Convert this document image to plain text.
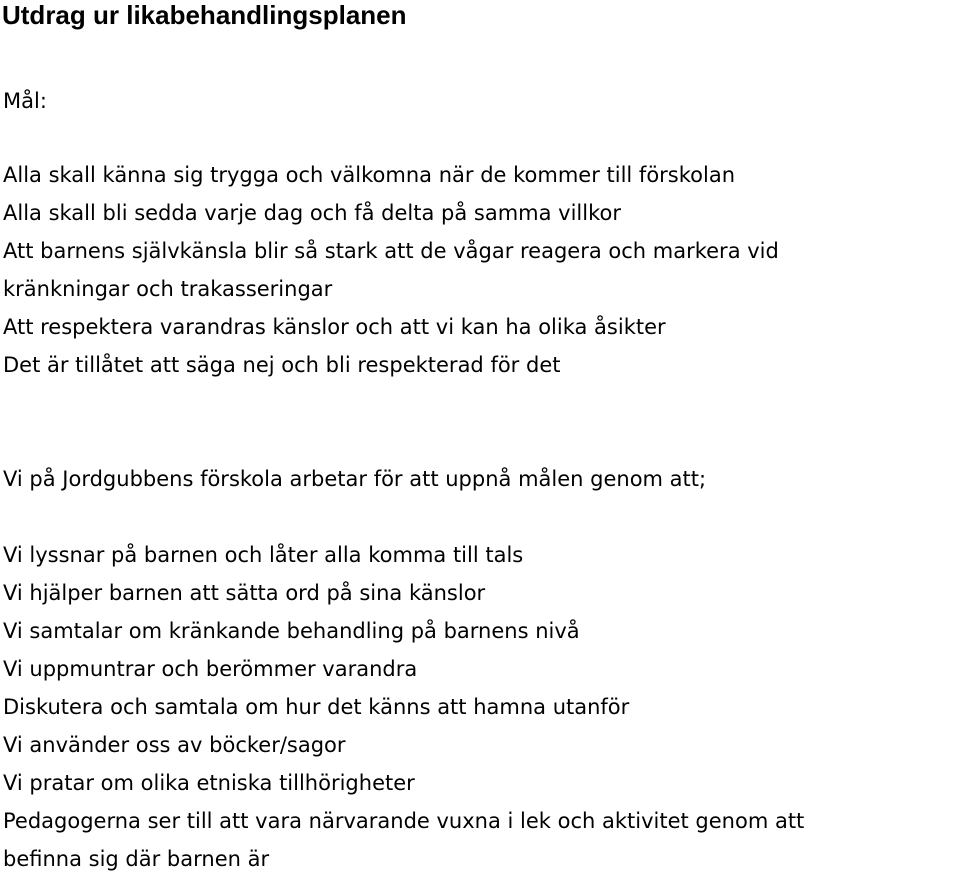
Utdrag ur likabehandlingsplanen

Mål:

Alla skall känna sig trygga och välkomna när de kommer till förskolan

Alla skall bli sedda varje dag och få delta på samma villkor

Att barnens självkänsla blir så stark att de vågar reagera och markera vid

kränkningar och trakasseringar

Att respektera varandras känslor och att vi kan ha olika åsikter

Det är tillåtet att säga nej och bli respekterad för det

Vi på Jordgubbens förskola arbetar för att uppnå målen genom att;

Vi lyssnar på barnen och låter alla komma till tals

Vi hjälper barnen att sätta ord på sina känslor

Vi samtalar om kränkande behandling på barnens nivå

Vi uppmuntrar och berömmer varandra

Diskutera och samtala om hur det känns att hamna utanför

Vi använder oss av böcker/sagor

Vi pratar om olika etniska tillhörigheter

Pedagogerna ser till att vara närvarande vuxna i lek och aktivitet genom att

befinna sig där barnen är
